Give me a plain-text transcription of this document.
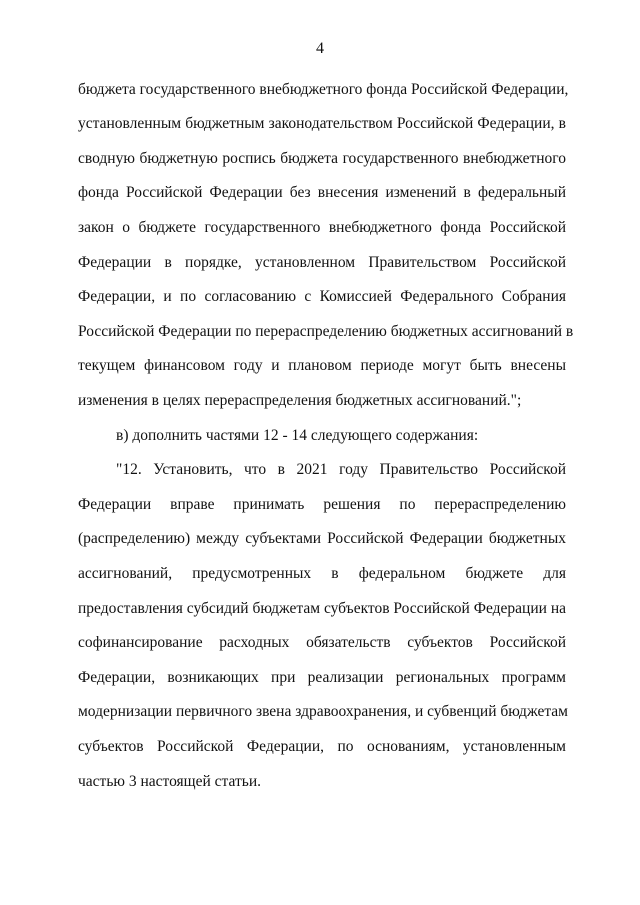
4
бюджета государственного внебюджетного фонда Российской Федерации,
установленным бюджетным законодательством Российской Федерации, в
сводную бюджетную роспись бюджета государственного внебюджетного
фонда Российской Федерации без внесения изменений в федеральный
закон о бюджете государственного внебюджетного фонда Российской
Федерации в порядке, установленном Правительством Российской
Федерации, и по согласованию с Комиссией Федерального Собрания
Российской Федерации по перераспределению бюджетных ассигнований в
текущем финансовом году и плановом периоде могут быть внесены
изменения в целях перераспределения бюджетных ассигнований.";
в) дополнить частями 12 - 14 следующего содержания:
"12. Установить, что в 2021 году Правительство Российской
Федерации вправе принимать решения по перераспределению
(распределению) между субъектами Российской Федерации бюджетных
ассигнований, предусмотренных в федеральном бюджете для
предоставления субсидий бюджетам субъектов Российской Федерации на
софинансирование расходных обязательств субъектов Российской
Федерации, возникающих при реализации региональных программ
модернизации первичного звена здравоохранения, и субвенций бюджетам
субъектов Российской Федерации, по основаниям, установленным
частью 3 настоящей статьи.
